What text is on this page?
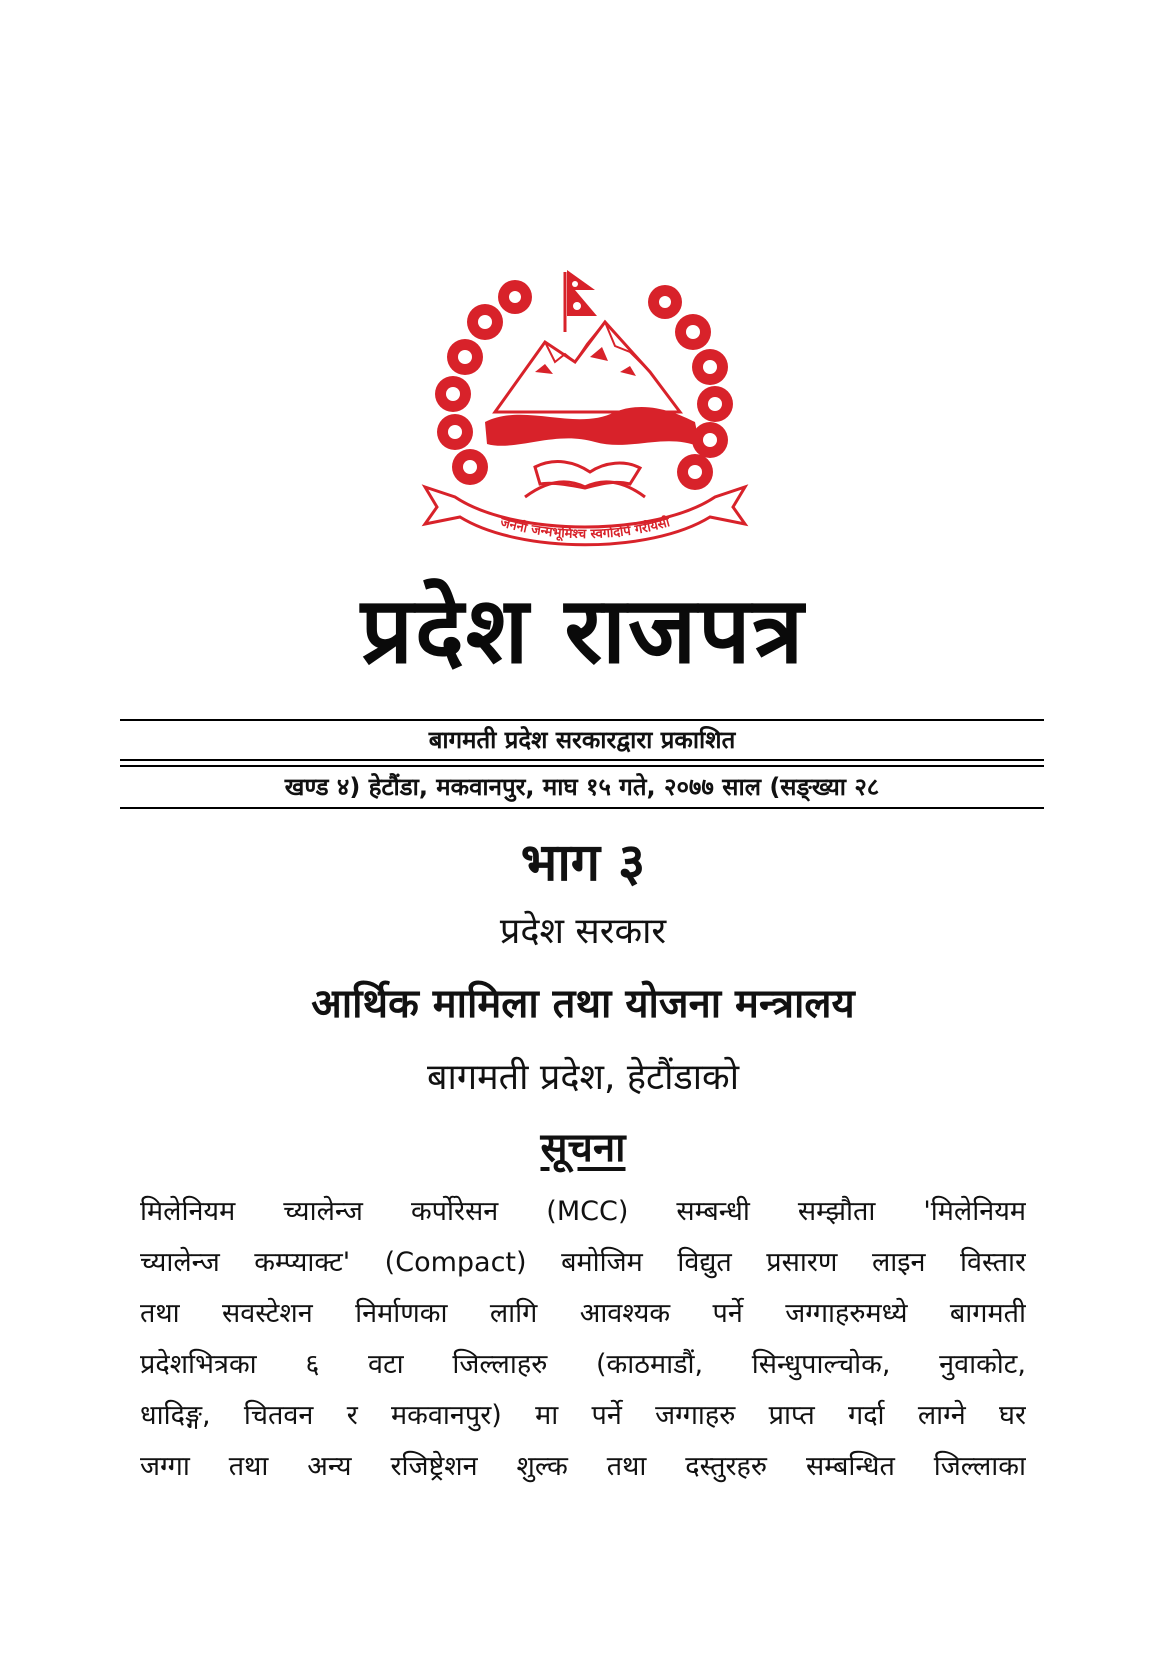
जननी जन्मभूमिश्च स्वर्गादपि गरीयसी
प्रदेश राजपत्र
बागमती प्रदेश सरकारद्वारा प्रकाशित
खण्ड ४) हेटौंडा, मकवानपुर, माघ १५ गते, २०७७ साल (सङ्ख्या २८
भाग ३
प्रदेश सरकार
आर्थिक मामिला तथा योजना मन्त्रालय
बागमती प्रदेश, हेटौंडाको
सूचना
मिलेनियम च्यालेन्ज कर्पोरेसन (MCC) सम्बन्धी सम्झौता 'मिलेनियम
च्यालेन्ज कम्प्याक्ट' (Compact) बमोजिम विद्युत प्रसारण लाइन विस्तार
तथा सवस्टेशन निर्माणका लागि आवश्यक पर्ने जग्गाहरुमध्ये बागमती
प्रदेशभित्रका ६ वटा जिल्लाहरु (काठमाडौं, सिन्धुपाल्चोक, नुवाकोट,
धादिङ्ग, चितवन र मकवानपुर) मा पर्ने जग्गाहरु प्राप्त गर्दा लाग्ने घर
जग्गा तथा अन्य रजिष्ट्रेशन शुल्क तथा दस्तुरहरु सम्बन्धित जिल्लाका
